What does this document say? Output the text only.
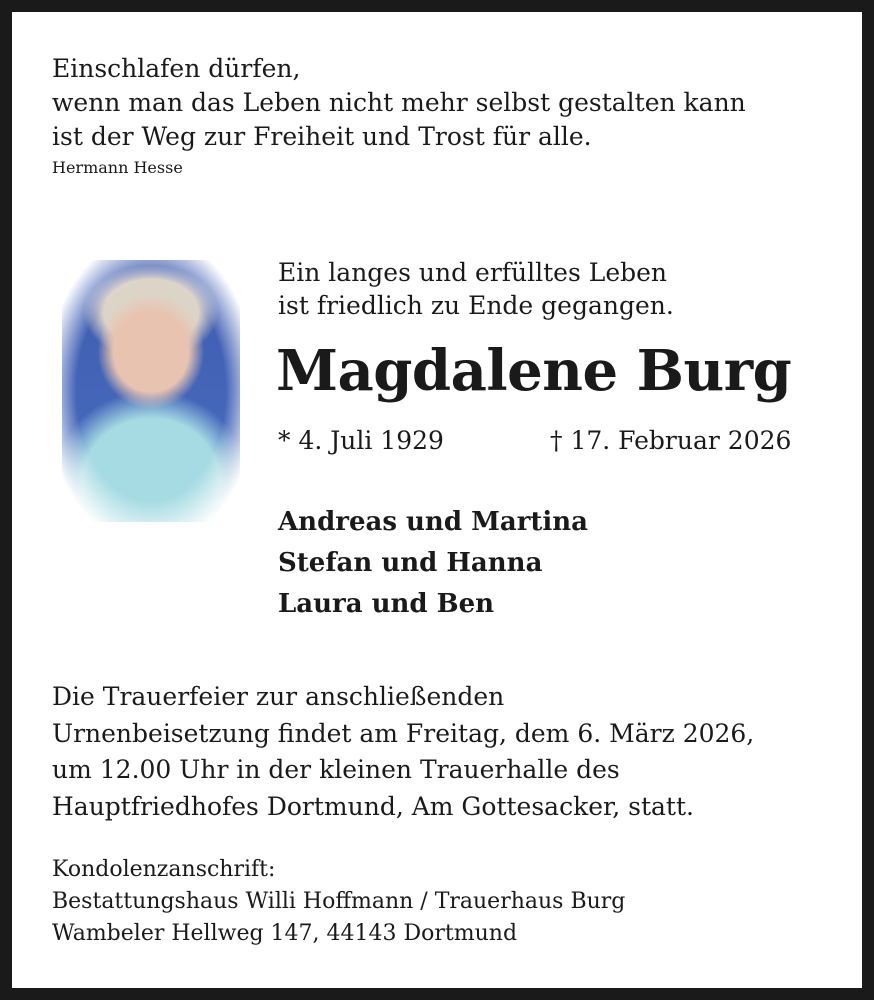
Einschlafen dürfen,
wenn man das Leben nicht mehr selbst gestalten kann
ist der Weg zur Freiheit und Trost für alle.
Hermann Hesse
Ein langes und erfülltes Leben
ist friedlich zu Ende gegangen.
Magdalene Burg
* 4. Juli 1929	† 17. Februar 2026
Andreas und Martina
Stefan und Hanna
Laura und Ben
Die Trauerfeier zur anschließenden
Urnenbeisetzung findet am Freitag, dem 6. März 2026,
um 12.00 Uhr in der kleinen Trauerhalle des
Hauptfriedhofes Dortmund, Am Gottesacker, statt.
Kondolenzanschrift:
Bestattungshaus Willi Hoffmann / Trauerhaus Burg
Wambeler Hellweg 147, 44143 Dortmund
